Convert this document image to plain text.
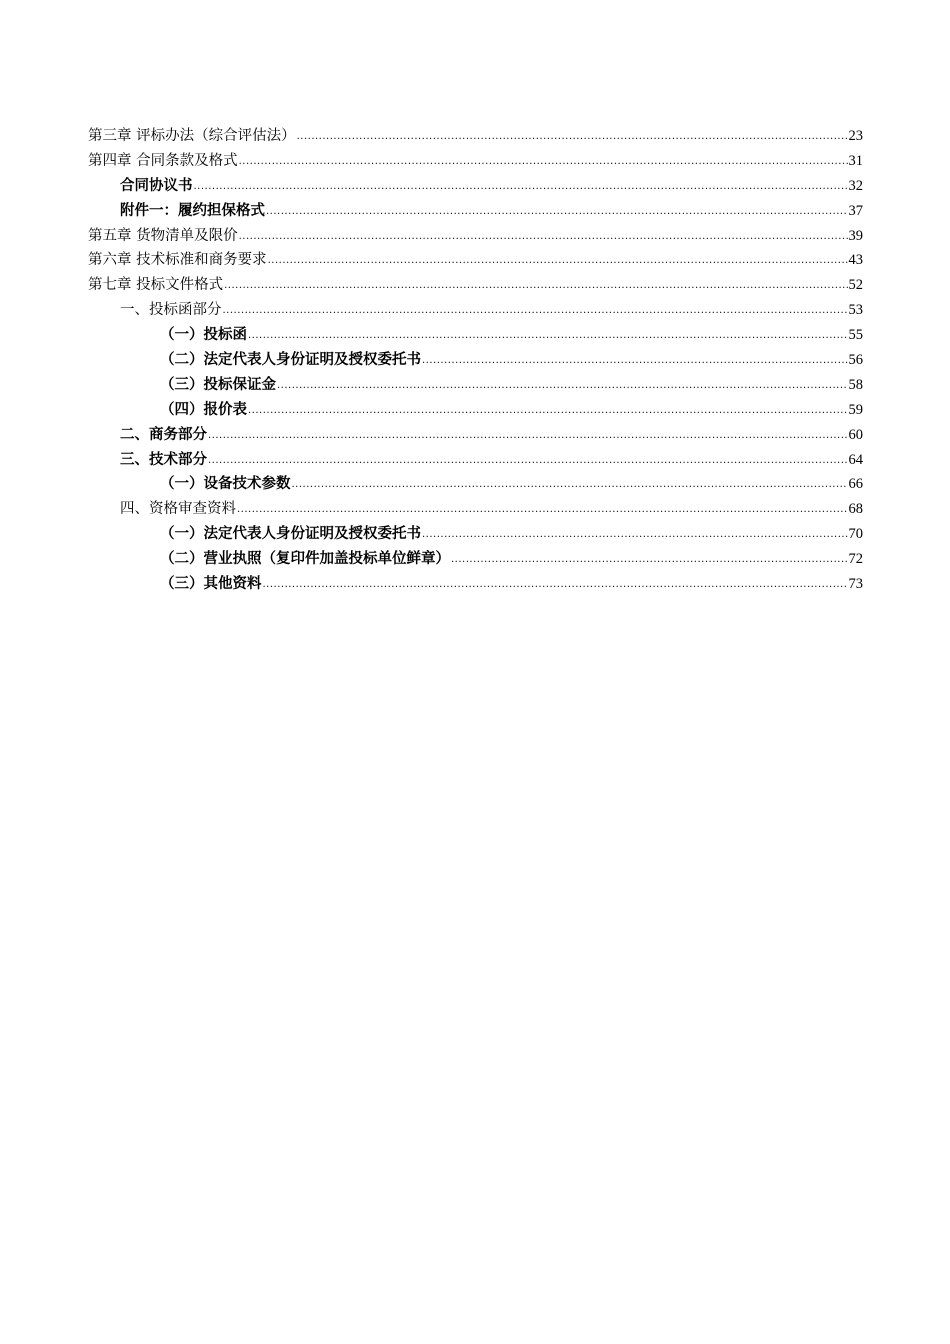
第三章 评标办法（综合评估法） .....	23
第四章 合同条款及格式 .....	31
合同协议书 .....	32
附件一：履约担保格式 .....	37
第五章 货物清单及限价 .....	39
第六章 技术标准和商务要求 .....	43
第七章 投标文件格式 .....	52
一、投标函部分 .....	53
（一）投标函 .....	55
（二）法定代表人身份证明及授权委托书 .....	56
（三）投标保证金 .....	58
（四）报价表 .....	59
二、商务部分 .....	60
三、技术部分 .....	64
（一）设备技术参数 .....	66
四、资格审查资料 .....	68
（一）法定代表人身份证明及授权委托书 .....	70
（二）营业执照（复印件加盖投标单位鲜章） .....	72
（三）其他资料 .....	73
